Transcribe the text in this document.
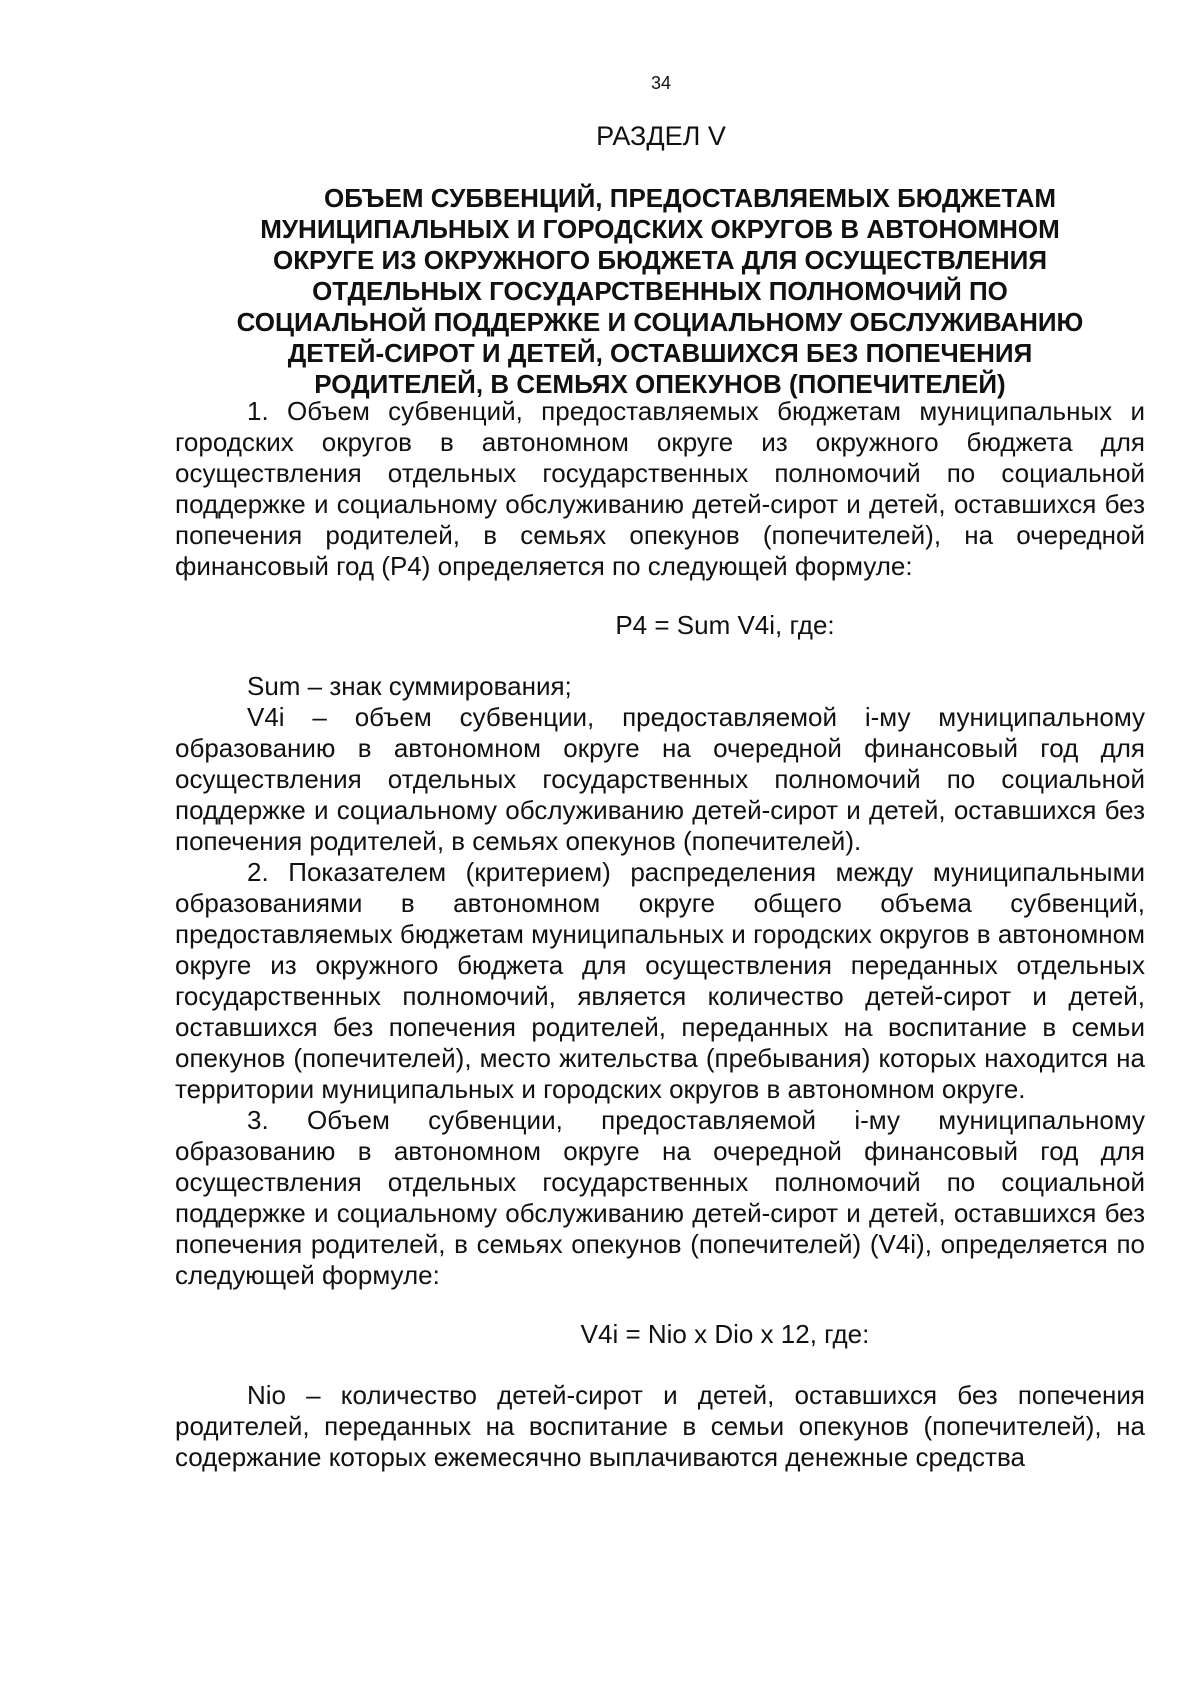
34
РАЗДЕЛ V
ОБЪЕМ СУБВЕНЦИЙ, ПРЕДОСТАВЛЯЕМЫХ БЮДЖЕТАМ
МУНИЦИПАЛЬНЫХ И ГОРОДСКИХ ОКРУГОВ В АВТОНОМНОМ
ОКРУГЕ ИЗ ОКРУЖНОГО БЮДЖЕТА ДЛЯ ОСУЩЕСТВЛЕНИЯ
ОТДЕЛЬНЫХ ГОСУДАРСТВЕННЫХ ПОЛНОМОЧИЙ ПО
СОЦИАЛЬНОЙ ПОДДЕРЖКЕ И СОЦИАЛЬНОМУ ОБСЛУЖИВАНИЮ
ДЕТЕЙ-СИРОТ И ДЕТЕЙ, ОСТАВШИХСЯ БЕЗ ПОПЕЧЕНИЯ
РОДИТЕЛЕЙ, В СЕМЬЯХ ОПЕКУНОВ (ПОПЕЧИТЕЛЕЙ)

1. Объем субвенций, предоставляемых бюджетам муниципальных и городских округов в автономном округе из окружного бюджета для осуществления отдельных государственных полномочий по социальной поддержке и социальному обслуживанию детей-сирот и детей, оставшихся без попечения родителей, в семьях опекунов (попечителей), на очередной финансовый год (Р4) определяется по следующей формуле:

Р4 = Sum V4i, где:

Sum – знак суммирования;

V4i – объем субвенции, предоставляемой i-му муниципальному образованию в автономном округе на очередной финансовый год для осуществления отдельных государственных полномочий по социальной поддержке и социальному обслуживанию детей-сирот и детей, оставшихся без попечения родителей, в семьях опекунов (попечителей).

2. Показателем (критерием) распределения между муниципальными образованиями в автономном округе общего объема субвенций, предоставляемых бюджетам муниципальных и городских округов в автономном округе из окружного бюджета для осуществления переданных отдельных государственных полномочий, является количество детей-сирот и детей, оставшихся без попечения родителей, переданных на воспитание в семьи опекунов (попечителей), место жительства (пребывания) которых находится на территории муниципальных и городских округов в автономном округе.

3. Объем субвенции, предоставляемой i-му муниципальному образованию в автономном округе на очередной финансовый год для осуществления отдельных государственных полномочий по социальной поддержке и социальному обслуживанию детей-сирот и детей, оставшихся без попечения родителей, в семьях опекунов (попечителей) (V4i), определяется по следующей формуле:

V4i = Nio х Dio х 12, где:

Nio – количество детей-сирот и детей, оставшихся без попечения родителей, переданных на воспитание в семьи опекунов (попечителей), на содержание которых ежемесячно выплачиваются денежные средства
